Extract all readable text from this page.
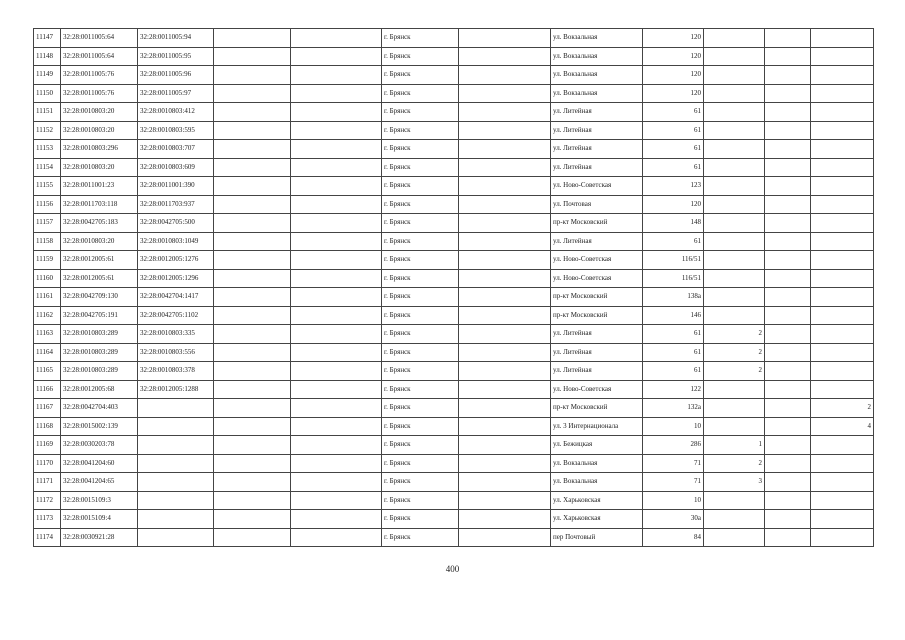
11147	32:28:0011005:64	32:28:0011005:94			г. Брянск		ул. Вокзальная	120			
11148	32:28:0011005:64	32:28:0011005:95			г. Брянск		ул. Вокзальная	120			
11149	32:28:0011005:76	32:28:0011005:96			г. Брянск		ул. Вокзальная	120			
11150	32:28:0011005:76	32:28:0011005:97			г. Брянск		ул. Вокзальная	120			
11151	32:28:0010803:20	32:28:0010803:412			г. Брянск		ул. Литейная	61			
11152	32:28:0010803:20	32:28:0010803:595			г. Брянск		ул. Литейная	61			
11153	32:28:0010803:296	32:28:0010803:707			г. Брянск		ул. Литейная	61			
11154	32:28:0010803:20	32:28:0010803:609			г. Брянск		ул. Литейная	61			
11155	32:28:0011001:23	32:28:0011001:390			г. Брянск		ул. Ново-Советская	123			
11156	32:28:0011703:118	32:28:0011703:937			г. Брянск		ул. Почтовая	120			
11157	32:28:0042705:183	32:28:0042705:500			г. Брянск		пр-кт Московский	148			
11158	32:28:0010803:20	32:28:0010803:1049			г. Брянск		ул. Литейная	61			
11159	32:28:0012005:61	32:28:0012005:1276			г. Брянск		ул. Ново-Советская	116/51			
11160	32:28:0012005:61	32:28:0012005:1296			г. Брянск		ул. Ново-Советская	116/51			
11161	32:28:0042709:130	32:28:0042704:1417			г. Брянск		пр-кт Московский	138а			
11162	32:28:0042705:191	32:28:0042705:1102			г. Брянск		пр-кт Московский	146			
11163	32:28:0010803:289	32:28:0010803:335			г. Брянск		ул. Литейная	61	2		
11164	32:28:0010803:289	32:28:0010803:556			г. Брянск		ул. Литейная	61	2		
11165	32:28:0010803:289	32:28:0010803:378			г. Брянск		ул. Литейная	61	2		
11166	32:28:0012005:68	32:28:0012005:1288			г. Брянск		ул. Ново-Советская	122			
11167	32:28:0042704:403				г. Брянск		пр-кт Московский	132а			2
11168	32:28:0015002:139				г. Брянск		ул. 3 Интернационала	10			4
11169	32:28:0030203:78				г. Брянск		ул. Бежицкая	286	1		
11170	32:28:0041204:60				г. Брянск		ул. Вокзальная	71	2		
11171	32:28:0041204:65				г. Брянск		ул. Вокзальная	71	3		
11172	32:28:0015109:3				г. Брянск		ул. Харьковская	10			
11173	32:28:0015109:4				г. Брянск		ул. Харьковская	30а			
11174	32:28:0030921:28				г. Брянск		пер Почтовый	84			
400
